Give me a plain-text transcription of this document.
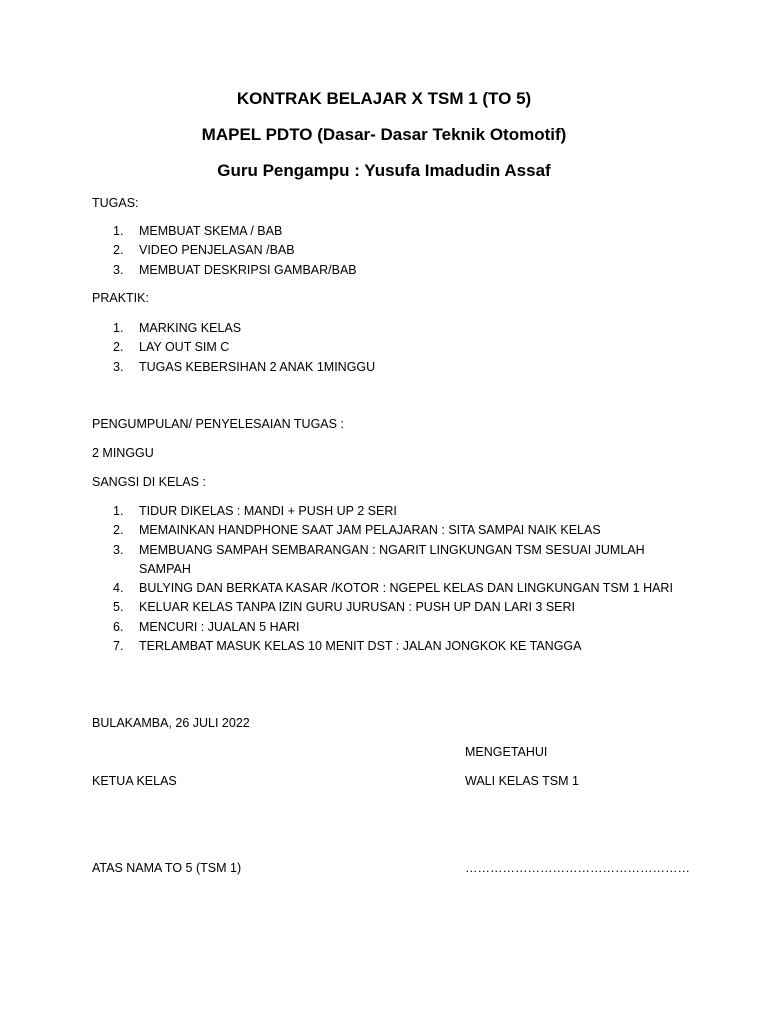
KONTRAK BELAJAR X TSM 1 (TO 5)
MAPEL PDTO (Dasar- Dasar Teknik Otomotif)
Guru Pengampu : Yusufa Imadudin Assaf
TUGAS:
1. MEMBUAT SKEMA / BAB
2. VIDEO PENJELASAN /BAB
3. MEMBUAT DESKRIPSI GAMBAR/BAB
PRAKTIK:
1. MARKING KELAS
2. LAY OUT SIM C
3. TUGAS KEBERSIHAN 2 ANAK 1MINGGU
PENGUMPULAN/ PENYELESAIAN TUGAS :
2 MINGGU
SANGSI DI KELAS :
1. TIDUR DIKELAS : MANDI + PUSH UP 2 SERI
2. MEMAINKAN HANDPHONE SAAT JAM PELAJARAN : SITA SAMPAI NAIK KELAS
3. MEMBUANG SAMPAH SEMBARANGAN : NGARIT LINGKUNGAN TSM SESUAI JUMLAH SAMPAH
4. BULYING DAN BERKATA KASAR /KOTOR : NGEPEL KELAS DAN LINGKUNGAN TSM 1 HARI
5. KELUAR KELAS TANPA IZIN GURU JURUSAN : PUSH UP DAN LARI 3 SERI
6. MENCURI : JUALAN 5 HARI
7. TERLAMBAT MASUK KELAS 10 MENIT DST : JALAN JONGKOK KE TANGGA
BULAKAMBA, 26 JULI 2022
MENGETAHUI
KETUA KELAS	WALI KELAS TSM 1
ATAS NAMA TO 5 (TSM 1)	………………………………………………
